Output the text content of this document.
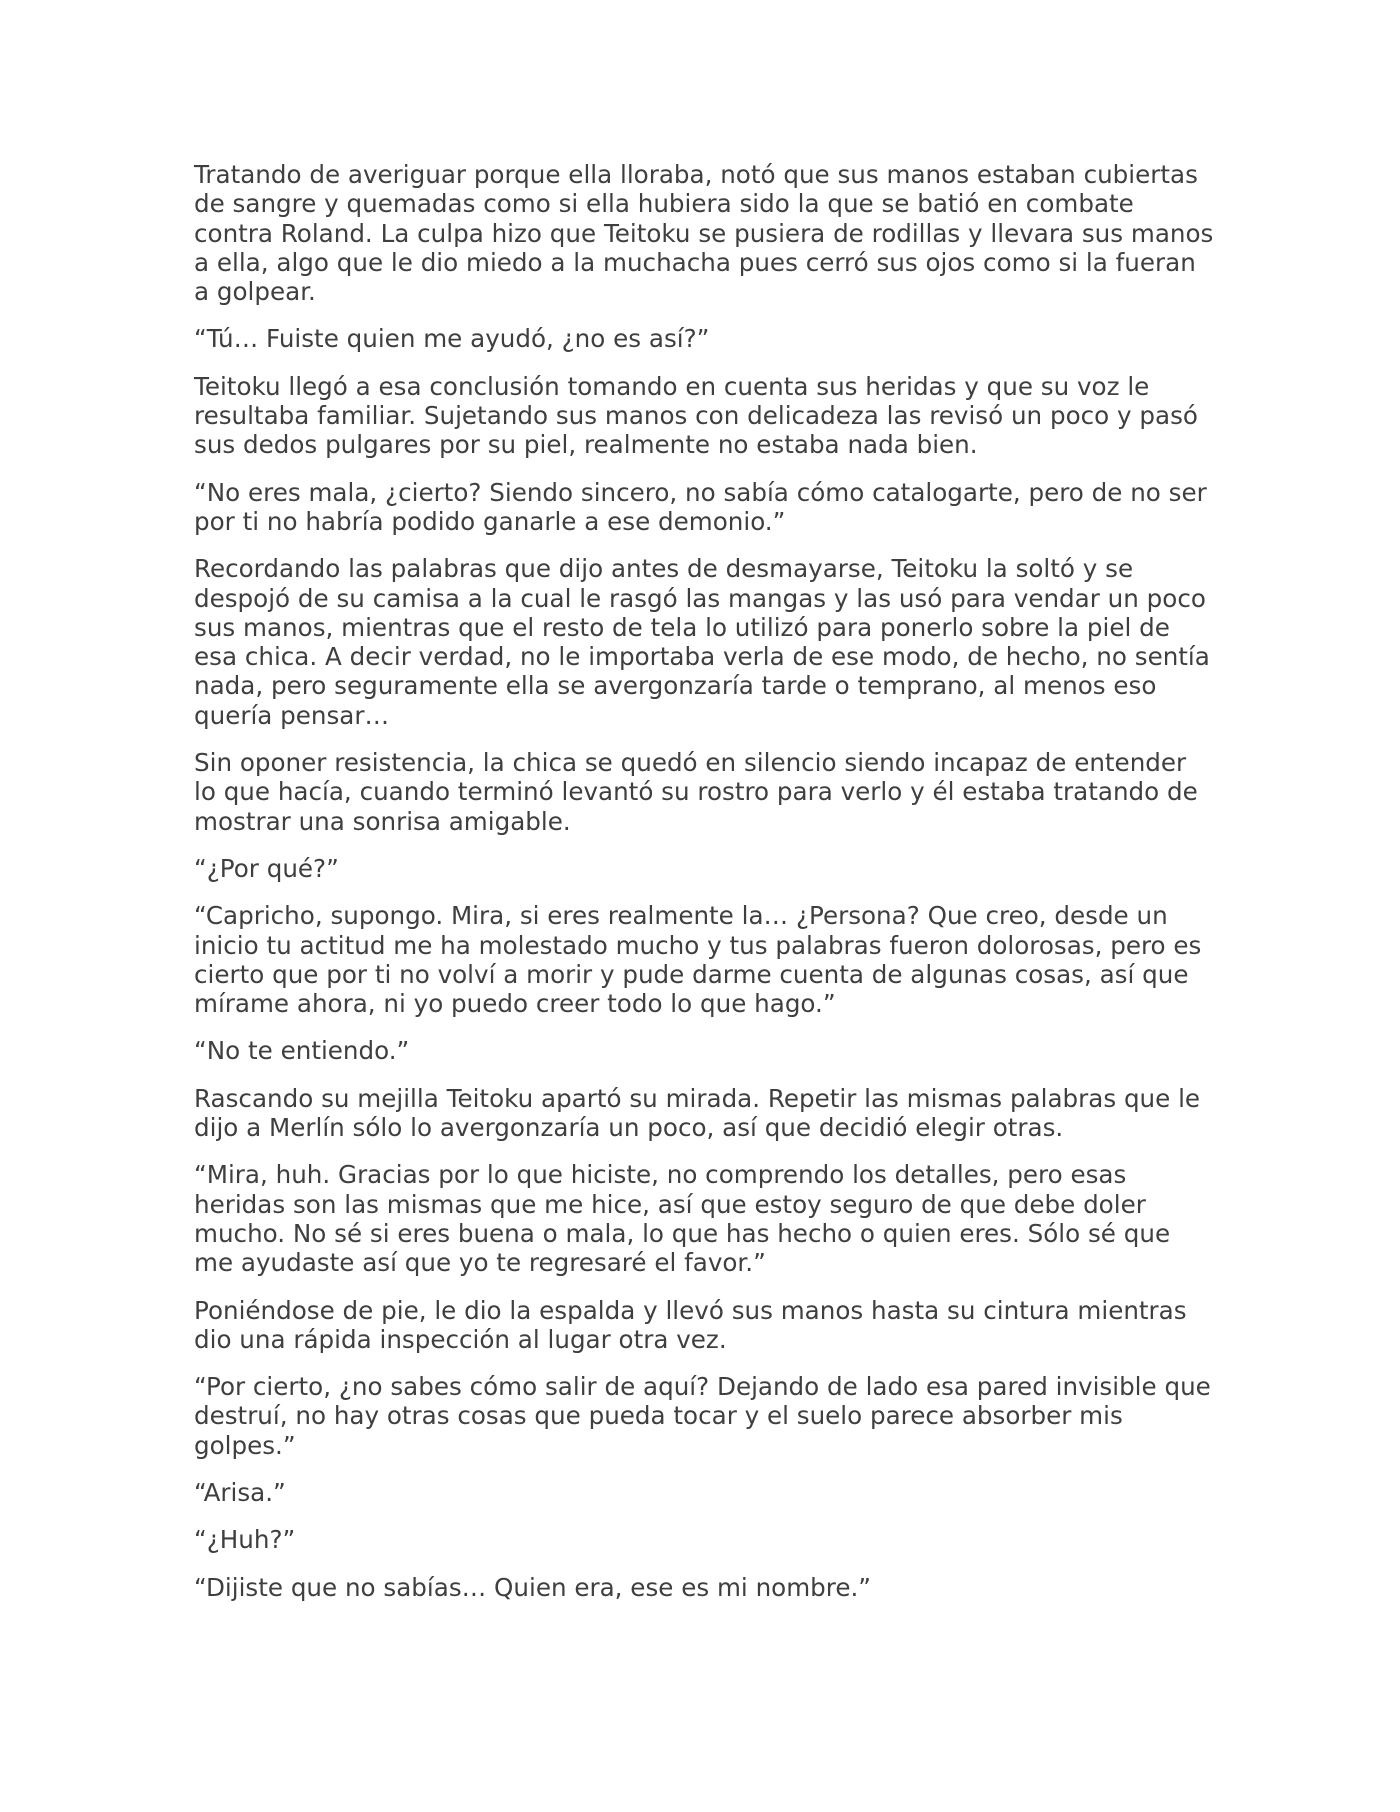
Tratando de averiguar porque ella lloraba, notó que sus manos estaban cubiertas de sangre y quemadas como si ella hubiera sido la que se batió en combate contra Roland. La culpa hizo que Teitoku se pusiera de rodillas y llevara sus manos a ella, algo que le dio miedo a la muchacha pues cerró sus ojos como si la fueran a golpear.

“Tú… Fuiste quien me ayudó, ¿no es así?”

Teitoku llegó a esa conclusión tomando en cuenta sus heridas y que su voz le resultaba familiar. Sujetando sus manos con delicadeza las revisó un poco y pasó sus dedos pulgares por su piel, realmente no estaba nada bien.

“No eres mala, ¿cierto? Siendo sincero, no sabía cómo catalogarte, pero de no ser por ti no habría podido ganarle a ese demonio.”

Recordando las palabras que dijo antes de desmayarse, Teitoku la soltó y se despojó de su camisa a la cual le rasgó las mangas y las usó para vendar un poco sus manos, mientras que el resto de tela lo utilizó para ponerlo sobre la piel de esa chica. A decir verdad, no le importaba verla de ese modo, de hecho, no sentía nada, pero seguramente ella se avergonzaría tarde o temprano, al menos eso quería pensar…

Sin oponer resistencia, la chica se quedó en silencio siendo incapaz de entender lo que hacía, cuando terminó levantó su rostro para verlo y él estaba tratando de mostrar una sonrisa amigable.

“¿Por qué?”

“Capricho, supongo. Mira, si eres realmente la… ¿Persona? Que creo, desde un inicio tu actitud me ha molestado mucho y tus palabras fueron dolorosas, pero es cierto que por ti no volví a morir y pude darme cuenta de algunas cosas, así que mírame ahora, ni yo puedo creer todo lo que hago.”

“No te entiendo.”

Rascando su mejilla Teitoku apartó su mirada. Repetir las mismas palabras que le dijo a Merlín sólo lo avergonzaría un poco, así que decidió elegir otras.

“Mira, huh. Gracias por lo que hiciste, no comprendo los detalles, pero esas heridas son las mismas que me hice, así que estoy seguro de que debe doler mucho. No sé si eres buena o mala, lo que has hecho o quien eres. Sólo sé que me ayudaste así que yo te regresaré el favor.”

Poniéndose de pie, le dio la espalda y llevó sus manos hasta su cintura mientras dio una rápida inspección al lugar otra vez.

“Por cierto, ¿no sabes cómo salir de aquí? Dejando de lado esa pared invisible que destruí, no hay otras cosas que pueda tocar y el suelo parece absorber mis golpes.”

“Arisa.”

“¿Huh?”

“Dijiste que no sabías… Quien era, ese es mi nombre.”
